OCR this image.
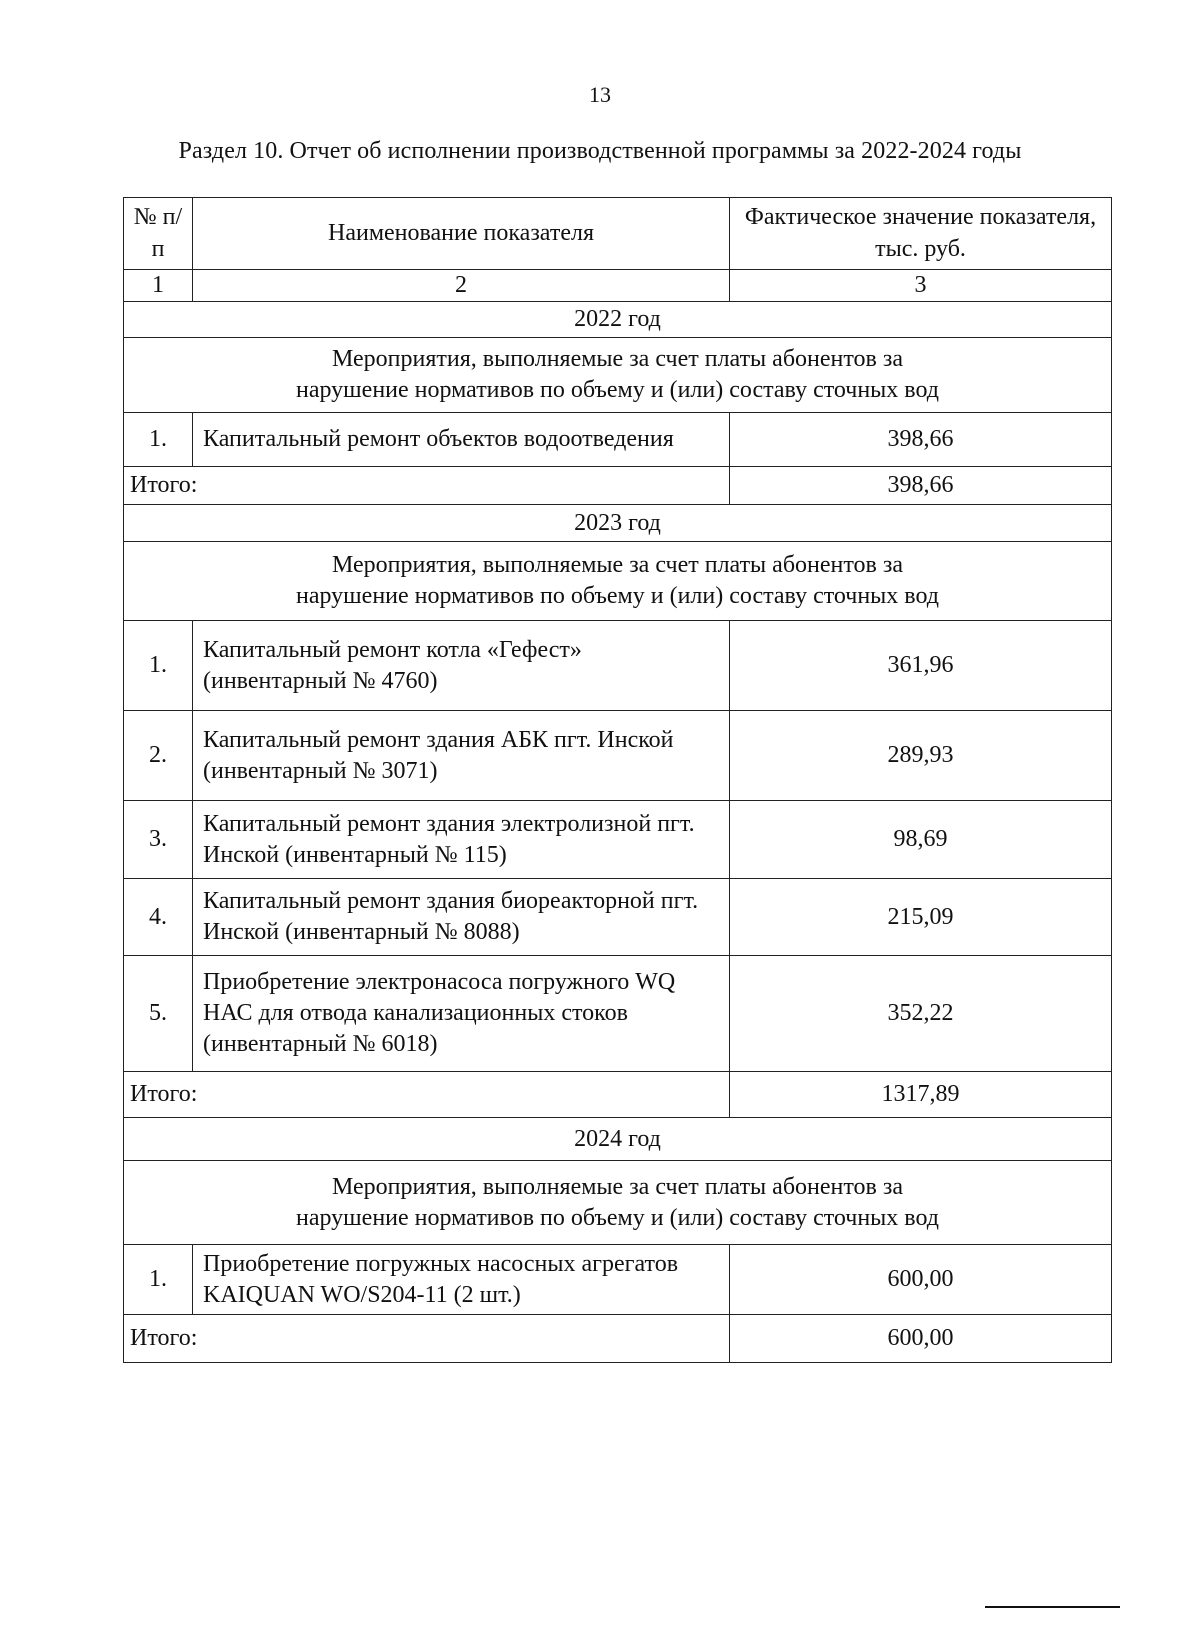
13
Раздел 10. Отчет об исполнении производственной программы за 2022-2024 годы
№ п/п	Наименование показателя	Фактическое значение показателя, тыс. руб.
1	2	3
2022 год		
Мероприятия, выполняемые за счет платы абонентов за нарушение нормативов по объему и (или) составу сточных вод		
1.	Капитальный ремонт объектов водоотведения	398,66
Итого:		398,66
2023 год		
Мероприятия, выполняемые за счет платы абонентов за нарушение нормативов по объему и (или) составу сточных вод		
1.	Капитальный ремонт котла «Гефест» (инвентарный № 4760)	361,96
2.	Капитальный ремонт здания АБК пгт. Инской (инвентарный № 3071)	289,93
3.	Капитальный ремонт здания электролизной пгт. Инской (инвентарный № 115)	98,69
4.	Капитальный ремонт здания биореакторной пгт. Инской (инвентарный № 8088)	215,09
5.	Приобретение электронасоса погружного WQ НАС для отвода канализационных стоков (инвентарный № 6018)	352,22
Итого:		1317,89
2024 год		
Мероприятия, выполняемые за счет платы абонентов за нарушение нормативов по объему и (или) составу сточных вод		
1.	Приобретение погружных насосных агрегатов KAIQUAN WO/S204-11 (2 шт.)	600,00
Итого:		600,00
